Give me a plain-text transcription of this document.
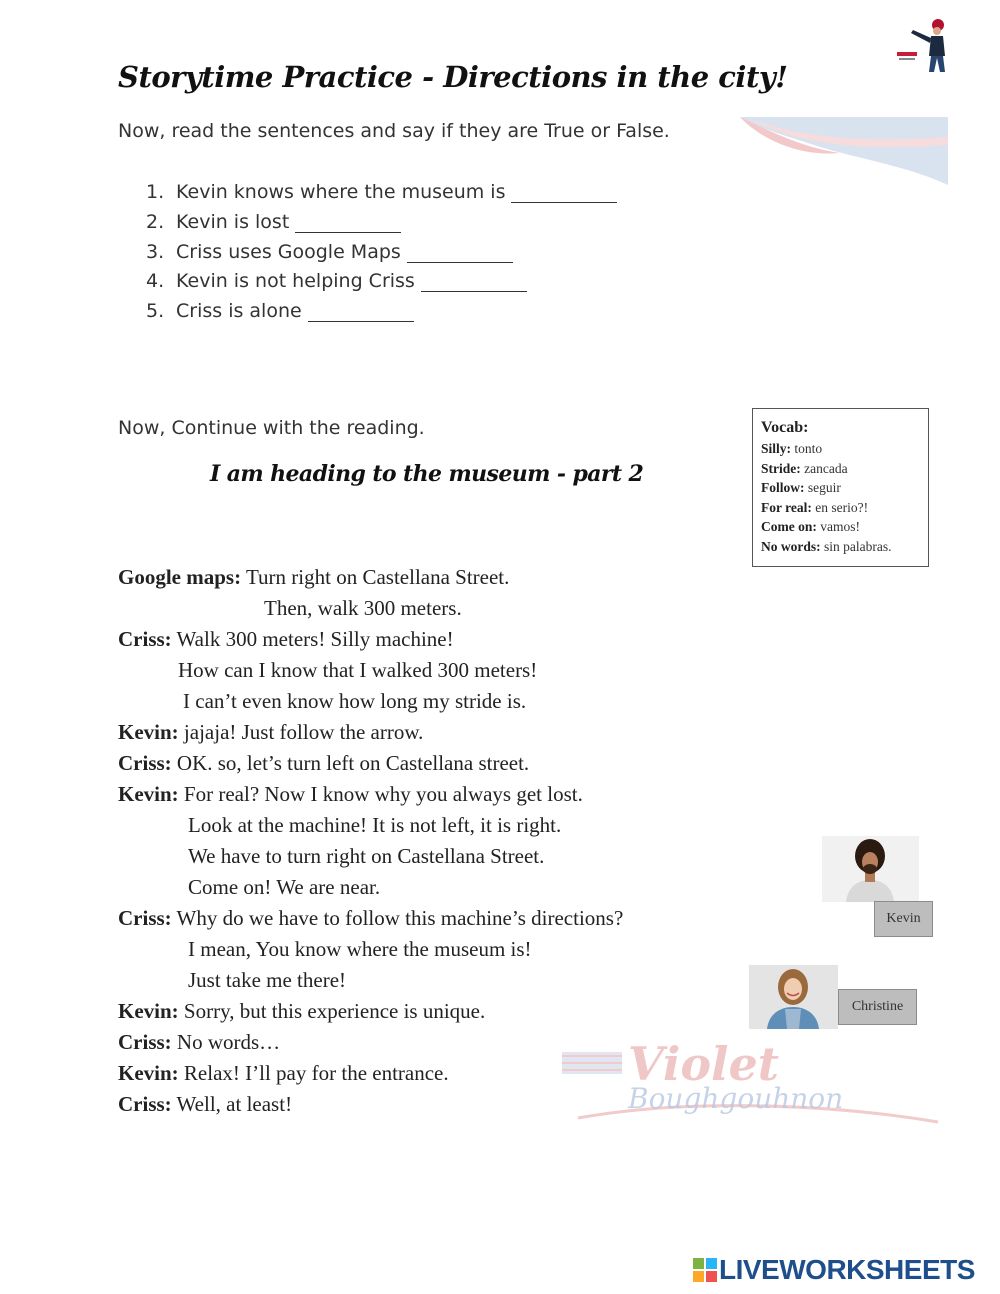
Storytime Practice - Directions in the city!
Now, read the sentences and say if they are True or False.
1. Kevin knows where the museum is
2. Kevin is lost
3. Criss uses Google Maps
4. Kevin is not helping Criss
5. Criss is alone
Now, Continue with the reading.
I am heading to the museum - part 2
Vocab:
Silly: tonto
Stride: zancada
Follow: seguir
For real: en serio?!
Come on: vamos!
No words: sin palabras.
Violet
Boughgouhnon
Google maps: Turn right on Castellana Street.
Then, walk 300 meters.
Criss: Walk 300 meters! Silly machine!
How can I know that I walked 300 meters!
I can’t even know how long my stride is.
Kevin: jajaja! Just follow the arrow.
Criss: OK. so, let’s turn left on Castellana street.
Kevin: For real? Now I know why you always get lost.
Look at the machine! It is not left, it is right.
We have to turn right on Castellana Street.
Come on! We are near.
Criss: Why do we have to follow this machine’s directions?
I mean, You know where the museum is!
Just take me there!
Kevin: Sorry, but this experience is unique.
Criss: No words…
Kevin: Relax! I’ll pay for the entrance.
Criss: Well, at least!
Kevin
Christine
LIVEWORKSHEETS
